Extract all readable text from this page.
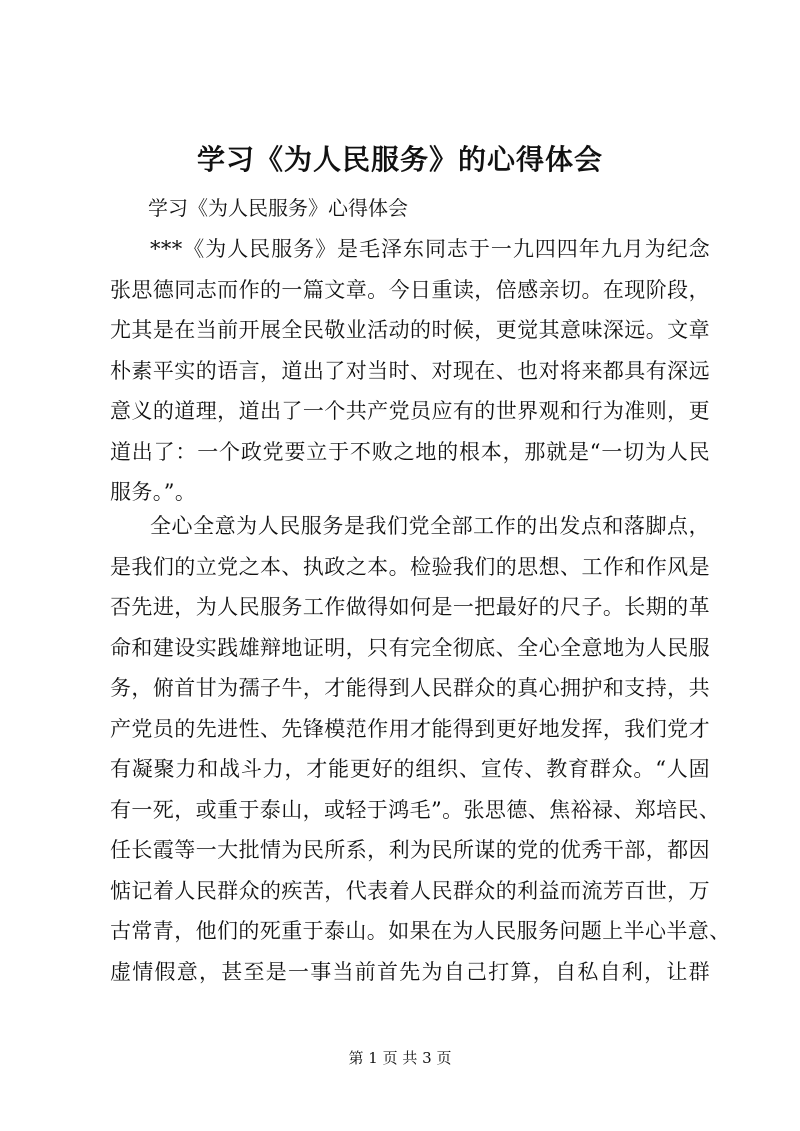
学习《为人民服务》的心得体会

学习《为人民服务》心得体会

***《为人民服务》是毛泽东同志于一九四四年九月为纪念
张思德同志而作的一篇文章。今日重读，倍感亲切。在现阶段，
尤其是在当前开展全民敬业活动的时候，更觉其意味深远。文章
朴素平实的语言，道出了对当时、对现在、也对将来都具有深远
意义的道理，道出了一个共产党员应有的世界观和行为准则，更
道出了：一个政党要立于不败之地的根本，那就是“一切为人民
服务。”。
全心全意为人民服务是我们党全部工作的出发点和落脚点，
是我们的立党之本、执政之本。检验我们的思想、工作和作风是
否先进，为人民服务工作做得如何是一把最好的尺子。长期的革
命和建设实践雄辩地证明，只有完全彻底、全心全意地为人民服
务，俯首甘为孺子牛，才能得到人民群众的真心拥护和支持，共
产党员的先进性、先锋模范作用才能得到更好地发挥，我们党才
有凝聚力和战斗力，才能更好的组织、宣传、教育群众。“人固
有一死，或重于泰山，或轻于鸿毛”。张思德、焦裕禄、郑培民、
任长霞等一大批情为民所系，利为民所谋的党的优秀干部，都因
惦记着人民群众的疾苦，代表着人民群众的利益而流芳百世，万
古常青，他们的死重于泰山。如果在为人民服务问题上半心半意、
虚情假意，甚至是一事当前首先为自己打算，自私自利，让群
第 1 页 共 3 页
